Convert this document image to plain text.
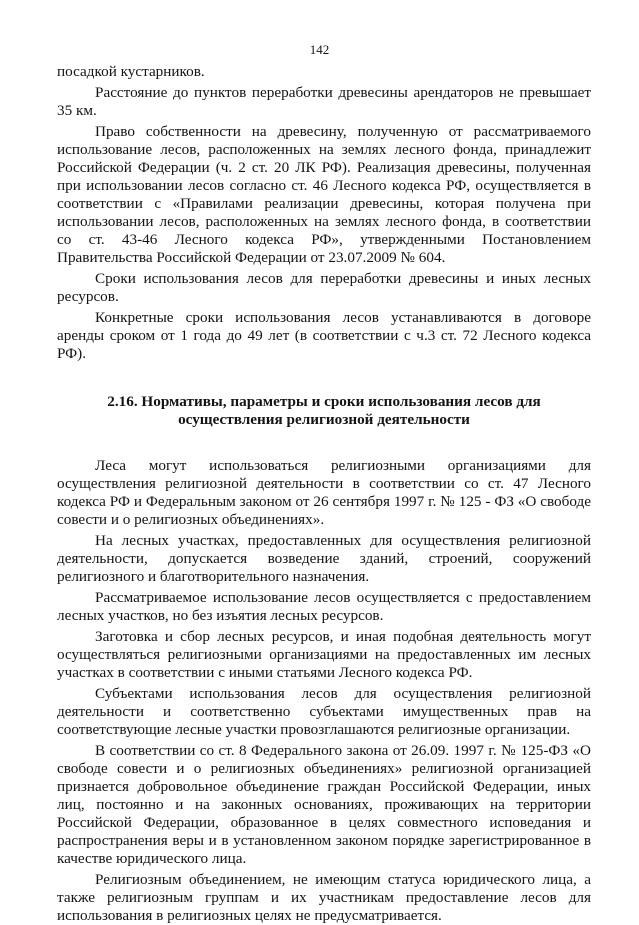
142

посадкой кустарников.

Расстояние до пунктов переработки древесины арендаторов не превышает 35 км.

Право собственности на древесину, полученную от рассматриваемого использование лесов, расположенных на землях лесного фонда, принадлежит Российской Федерации (ч. 2 ст. 20 ЛК РФ). Реализация древесины, полученная при использовании лесов согласно ст. 46 Лесного кодекса РФ, осуществляется в соответствии с «Правилами реализации древесины, которая получена при использовании лесов, расположенных на землях лесного фонда, в соответствии со ст. 43-46 Лесного кодекса РФ», утвержденными Постановлением Правительства Российской Федерации от 23.07.2009 № 604.

Сроки использования лесов для переработки древесины и иных лесных ресурсов.

Конкретные сроки использования лесов устанавливаются в договоре аренды сроком от 1 года до 49 лет (в соответствии с ч.3 ст. 72 Лесного кодекса РФ).

2.16. Нормативы, параметры и сроки использования лесов для осуществления религиозной деятельности

Леса могут использоваться религиозными организациями для осуществления религиозной деятельности в соответствии со ст. 47 Лесного кодекса РФ и Федеральным законом от 26 сентября 1997 г. № 125 - ФЗ «О свободе совести и о религиозных объединениях».

На лесных участках, предоставленных для осуществления религиозной деятельности, допускается возведение зданий, строений, сооружений религиозного и благотворительного назначения.

Рассматриваемое использование лесов осуществляется с предоставлением лесных участков, но без изъятия лесных ресурсов.

Заготовка и сбор лесных ресурсов, и иная подобная деятельность могут осуществляться религиозными организациями на предоставленных им лесных участках в соответствии с иными статьями Лесного кодекса РФ.

Субъектами использования лесов для осуществления религиозной деятельности и соответственно субъектами имущественных прав на соответствующие лесные участки провозглашаются религиозные организации.

В соответствии со ст. 8 Федерального закона от 26.09. 1997 г. № 125-ФЗ «О свободе совести и о религиозных объединениях» религиозной организацией признается добровольное объединение граждан Российской Федерации, иных лиц, постоянно и на законных основаниях, проживающих на территории Российской Федерации, образованное в целях совместного исповедания и распространения веры и в установленном законом порядке зарегистрированное в качестве юридического лица.

Религиозным объединением, не имеющим статуса юридического лица, а также религиозным группам и их участникам предоставление лесов для использования в религиозных целях не предусматривается.
